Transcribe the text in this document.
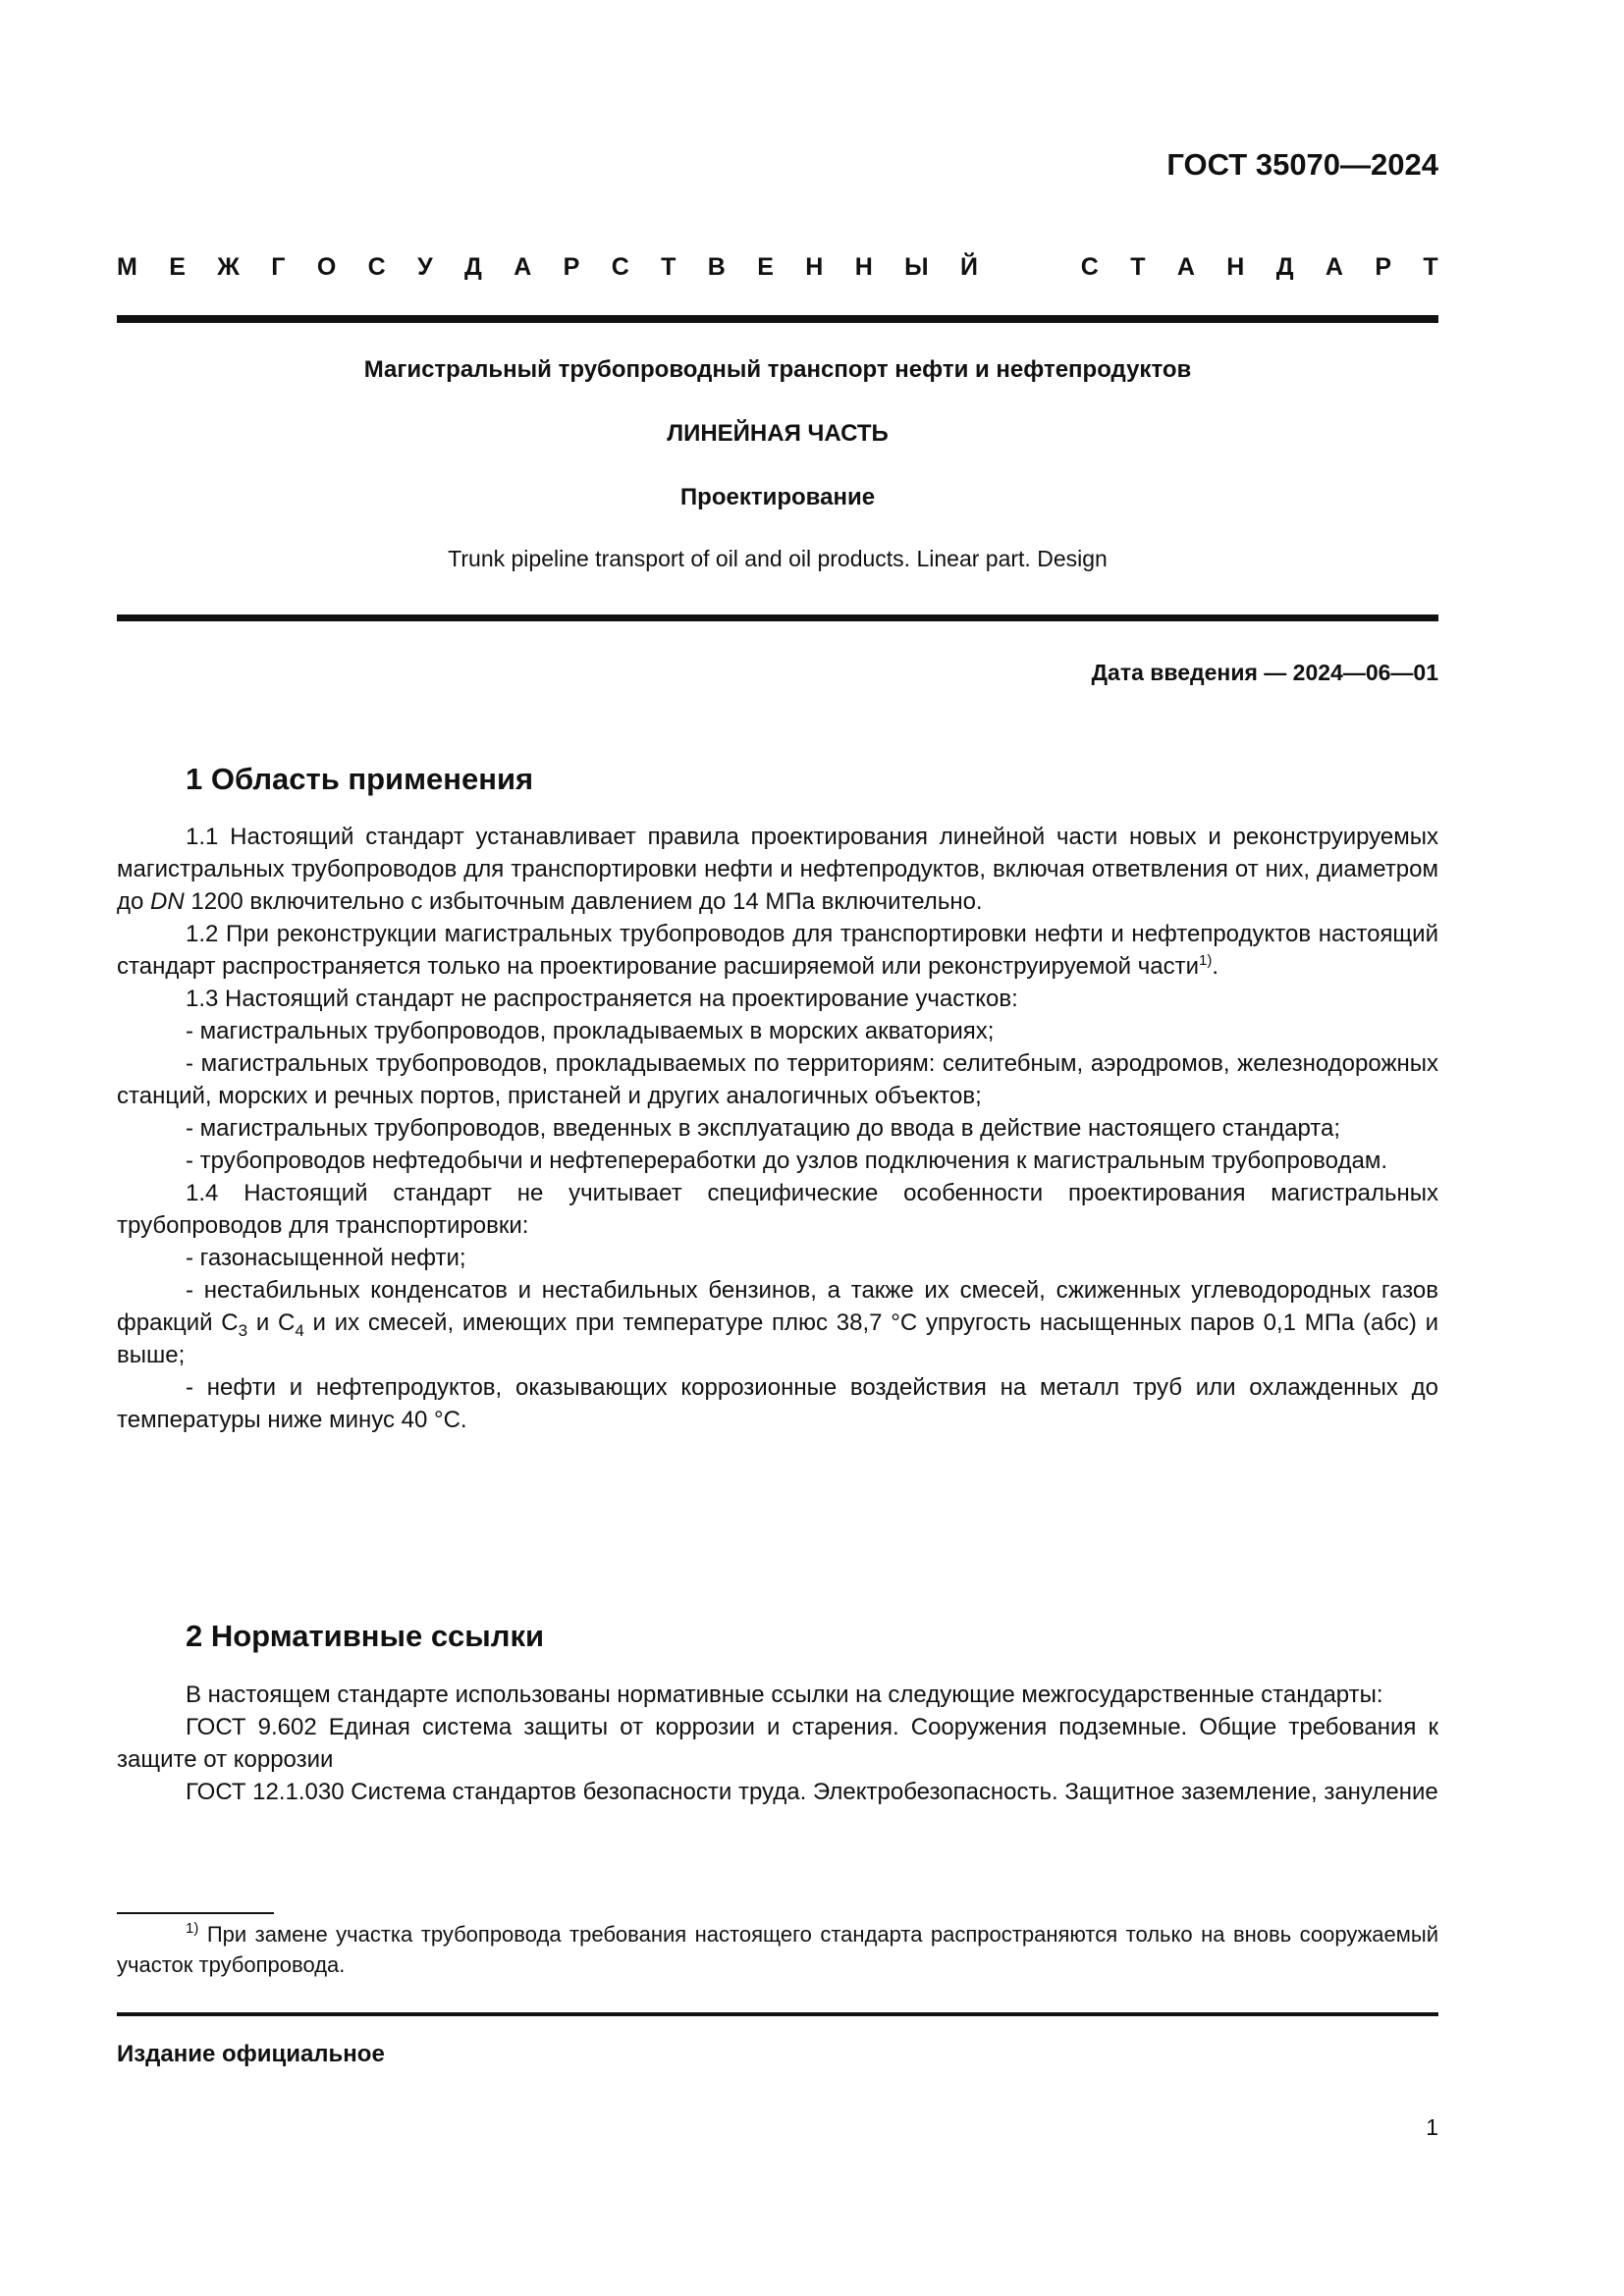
ГОСТ 35070—2024
М Е Ж Г О С У Д А Р С Т В Е Н Н Ы Й	С Т А Н Д А Р Т
Магистральный трубопроводный транспорт нефти и нефтепродуктов
ЛИНЕЙНАЯ ЧАСТЬ
Проектирование
Trunk pipeline transport of oil and oil products. Linear part. Design
Дата введения — 2024—06—01
1 Область применения

1.1 Настоящий стандарт устанавливает правила проектирования линейной части новых и реконструируемых магистральных трубопроводов для транспортировки нефти и нефтепродуктов, включая ответвления от них, диаметром до DN 1200 включительно с избыточным давлением до 14 МПа включительно.

1.2 При реконструкции магистральных трубопроводов для транспортировки нефти и нефтепродуктов настоящий стандарт распространяется только на проектирование расширяемой или реконструируемой части$^{1)}$.

1.3 Настоящий стандарт не распространяется на проектирование участков:

- магистральных трубопроводов, прокладываемых в морских акваториях;

- магистральных трубопроводов, прокладываемых по территориям: селитебным, аэродромов, железнодорожных станций, морских и речных портов, пристаней и других аналогичных объектов;

- магистральных трубопроводов, введенных в эксплуатацию до ввода в действие настоящего стандарта;

- трубопроводов нефтедобычи и нефтепереработки до узлов подключения к магистральным трубопроводам.

1.4 Настоящий стандарт не учитывает специфические особенности проектирования магистральных трубопроводов для транспортировки:

- газонасыщенной нефти;

- нестабильных конденсатов и нестабильных бензинов, а также их смесей, сжиженных углеводородных газов фракций $С_3$ и $С_4$ и их смесей, имеющих при температуре плюс 38,7 °С упругость насыщенных паров 0,1 МПа (абс) и выше;

- нефти и нефтепродуктов, оказывающих коррозионные воздействия на металл труб или охлажденных до температуры ниже минус 40 °С.

2 Нормативные ссылки

В настоящем стандарте использованы нормативные ссылки на следующие межгосударственные стандарты:

ГОСТ 9.602 Единая система защиты от коррозии и старения. Сооружения подземные. Общие требования к защите от коррозии

ГОСТ 12.1.030 Система стандартов безопасности труда. Электробезопасность. Защитное заземление, зануление

$^{1)}$ При замене участка трубопровода требования настоящего стандарта распространяются только на вновь сооружаемый участок трубопровода.
Издание официальное
1
